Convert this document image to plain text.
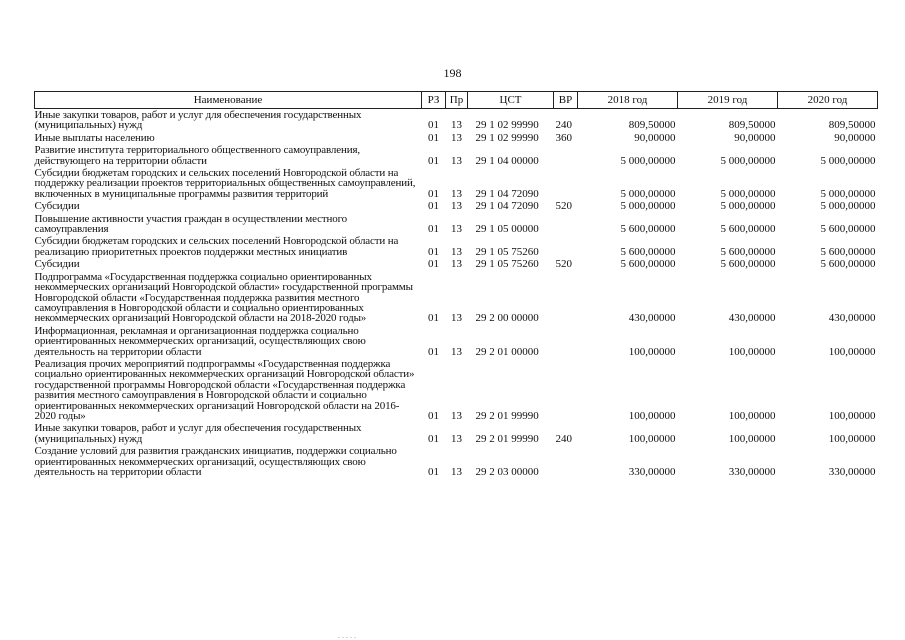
198
Наименование	РЗ	Пр	ЦСТ	ВР	2018 год	2019 год	2020 год
Иные закупки товаров, работ и услуг для обеспечения государственных (муниципальных) нужд	01	13	29 1 02 99990	240	809,50000	809,50000	809,50000
Иные выплаты населению	01	13	29 1 02 99990	360	90,00000	90,00000	90,00000
Развитие института территориального общественного самоуправления, действующего на территории области	01	13	29 1 04 00000		5 000,00000	5 000,00000	5 000,00000
Субсидии бюджетам городских и сельских поселений Новгородской области на поддержку реализации проектов территориальных общественных самоуправлений, включенных в муниципальные программы развития территорий	01	13	29 1 04 72090		5 000,00000	5 000,00000	5 000,00000
Субсидии	01	13	29 1 04 72090	520	5 000,00000	5 000,00000	5 000,00000
Повышение активности участия граждан в осуществлении местного самоуправления	01	13	29 1 05 00000		5 600,00000	5 600,00000	5 600,00000
Субсидии бюджетам городских и сельских поселений Новгородской области на реализацию приоритетных проектов поддержки местных инициатив	01	13	29 1 05 75260		5 600,00000	5 600,00000	5 600,00000
Субсидии	01	13	29 1 05 75260	520	5 600,00000	5 600,00000	5 600,00000
Подпрограмма «Государственная поддержка социально ориентированных некоммерческих организаций Новгородской области» государственной программы Новгородской области «Государственная поддержка развития местного самоуправления в Новгородской области и социально ориентированных некоммерческих организаций Новгородской области на 2018-2020 годы»	01	13	29 2 00 00000		430,00000	430,00000	430,00000
Информационная, рекламная и организационная поддержка социально ориентированных некоммерческих организаций, осуществляющих свою деятельность на территории области	01	13	29 2 01 00000		100,00000	100,00000	100,00000
Реализация прочих мероприятий подпрограммы «Государственная поддержка социально ориентированных некоммерческих организаций Новгородской области» государственной программы Новгородской области «Государственная поддержка развития местного самоуправления в Новгородской области и социально ориентированных некоммерческих организаций Новгородской области на 2016-2020 годы»	01	13	29 2 01 99990		100,00000	100,00000	100,00000
Иные закупки товаров, работ и услуг для обеспечения государственных (муниципальных) нужд	01	13	29 2 01 99990	240	100,00000	100,00000	100,00000
Создание условий для развития гражданских инициатив, поддержки социально ориентированных некоммерческих организаций, осуществляющих свою деятельность на территории области	01	13	29 2 03 00000		330,00000	330,00000	330,00000
.....
